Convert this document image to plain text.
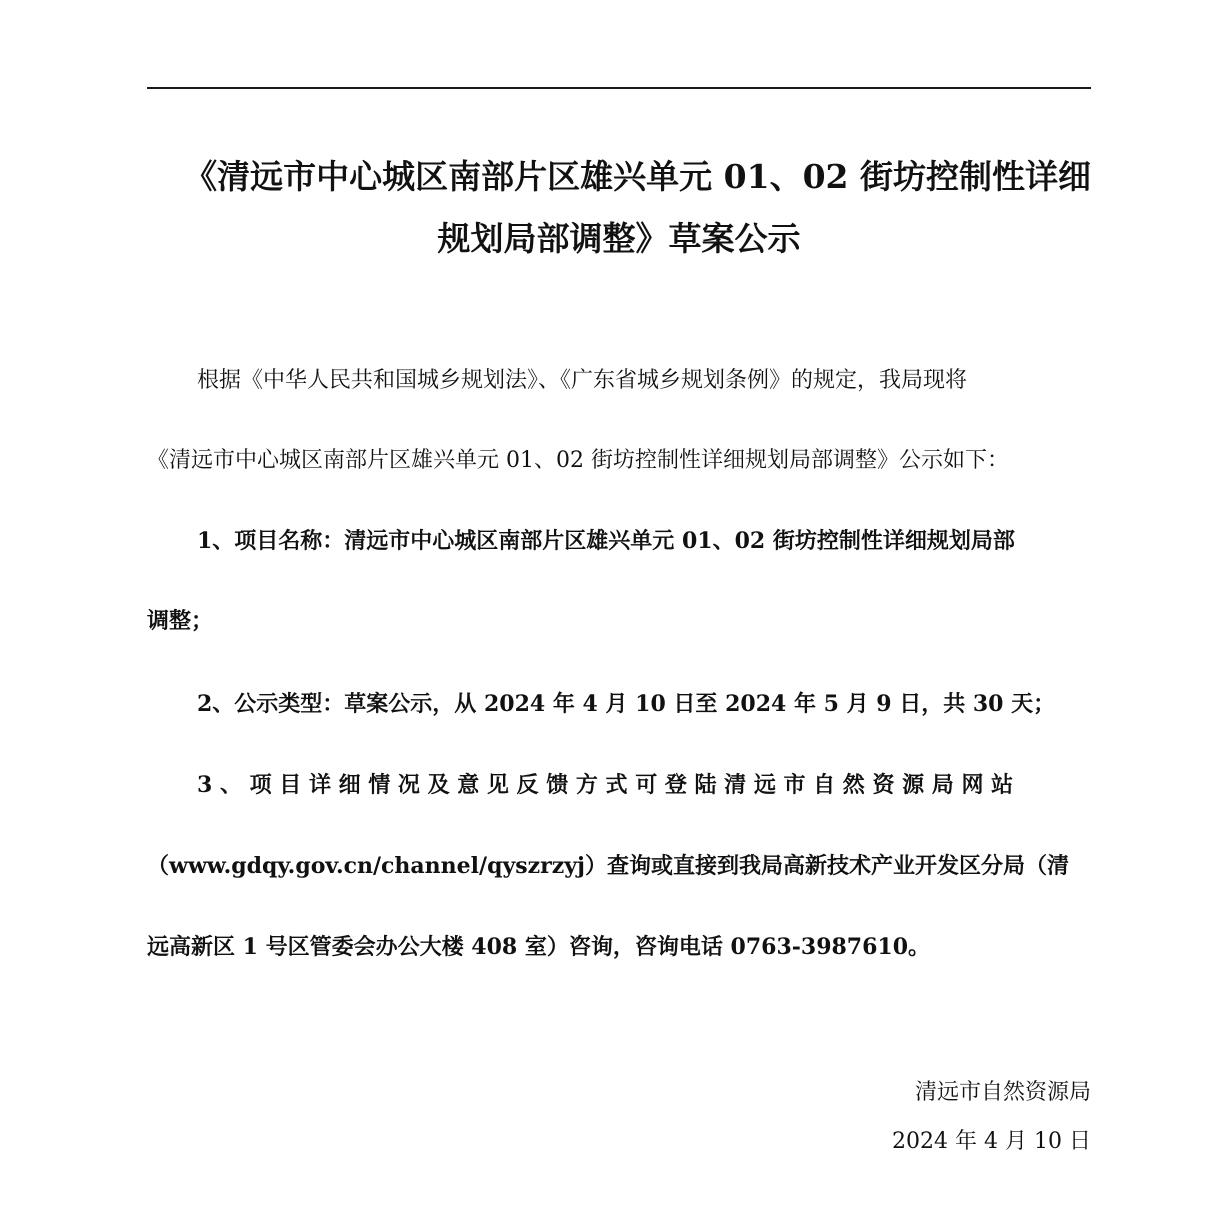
《清远市中心城区南部片区雄兴单元 01、02 街坊控制性详细
规划局部调整》草案公示
根据《中华人民共和国城乡规划法》、《广东省城乡规划条例》的规定，我局现将
《清远市中心城区南部片区雄兴单元 01、02 街坊控制性详细规划局部调整》公示如下：
1、项目名称：清远市中心城区南部片区雄兴单元 01、02 街坊控制性详细规划局部
调整；
2、公示类型：草案公示，从 2024 年 4 月 10 日至 2024 年 5 月 9 日，共 30 天；
3 、 项 目 详 细 情 况 及 意 见 反 馈 方 式 可 登 陆 清 远 市 自 然 资 源 局 网 站
（www.gdqy.gov.cn/channel/qyszrzyj）查询或直接到我局高新技术产业开发区分局（清
远高新区 1 号区管委会办公大楼 408 室）咨询，咨询电话 0763-3987610。
清远市自然资源局
2024 年 4 月 10 日
